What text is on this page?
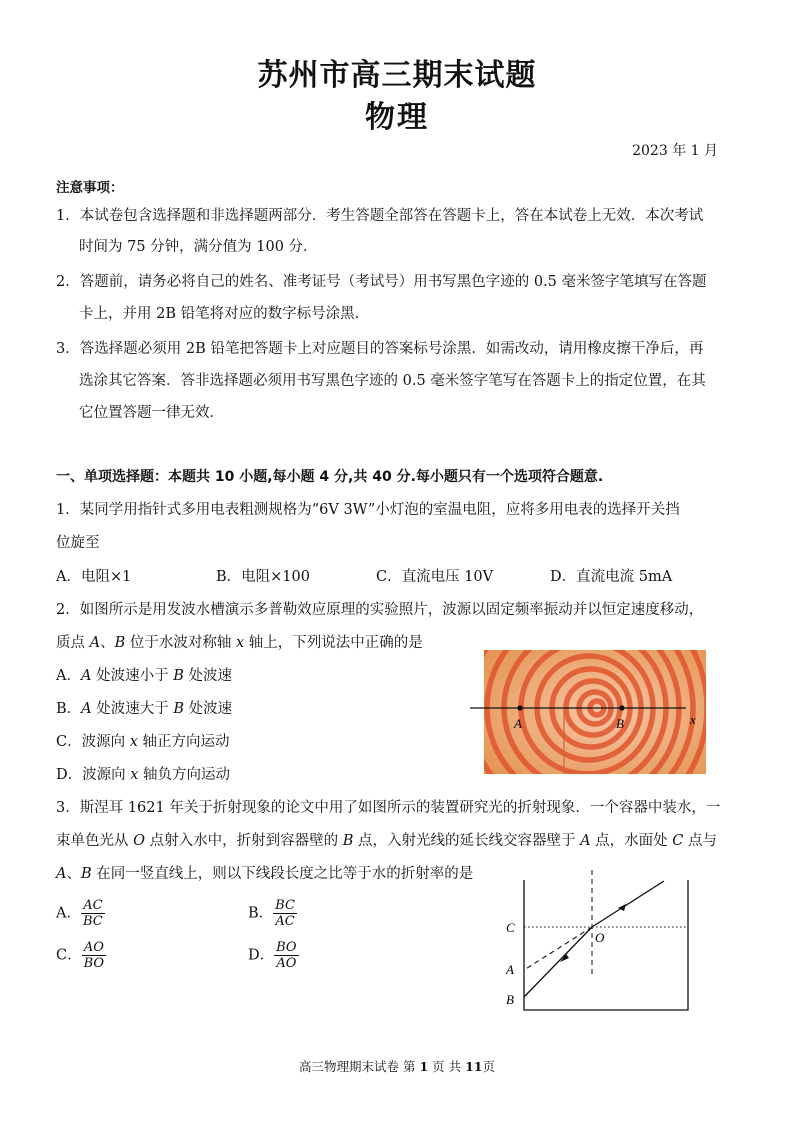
苏州市高三期末试题
物理
2023 年 1 月
注意事项：
1．本试卷包含选择题和非选择题两部分．考生答题全部答在答题卡上，答在本试卷上无效．本次考试
时间为 75 分钟，满分值为 100 分．
2．答题前，请务必将自己的姓名、准考证号（考试号）用书写黑色字迹的 0.5 毫米签字笔填写在答题
卡上，并用 2B 铅笔将对应的数字标号涂黑．
3．答选择题必须用 2B 铅笔把答题卡上对应题目的答案标号涂黑．如需改动，请用橡皮擦干净后，再
选涂其它答案．答非选择题必须用书写黑色字迹的 0.5 毫米签字笔写在答题卡上的指定位置，在其
它位置答题一律无效．
一、单项选择题：本题共 10 小题,每小题 4 分,共 40 分.每小题只有一个选项符合题意.
1．某同学用指针式多用电表粗测规格为“6V 3W”小灯泡的室温电阻，应将多用电表的选择开关挡
位旋至
A．电阻×1	B．电阻×100	C．直流电压 10V	D．直流电流 5mA
2．如图所示是用发波水槽演示多普勒效应原理的实验照片，波源以固定频率振动并以恒定速度移动，
质点 A、B 位于水波对称轴 x 轴上，下列说法中正确的是
A．A 处波速小于 B 处波速
B．A 处波速大于 B 处波速
C．波源向 x 轴正方向运动
D．波源向 x 轴负方向运动
A	B	x
3．斯涅耳 1621 年关于折射现象的论文中用了如图所示的装置研究光的折射现象．一个容器中装水，一
束单色光从 O 点射入水中，折射到容器壁的 B 点，入射光线的延长线交容器壁于 A 点，水面处 C 点与
A、B 在同一竖直线上，则以下线段长度之比等于水的折射率的是
A． $\frac{AC}{BC}$	B． $\frac{BC}{AC}$
C． $\frac{AO}{BO}$	D． $\frac{BO}{AO}$
C
O
A
B
高三物理期末试卷 第 1 页 共 11页
